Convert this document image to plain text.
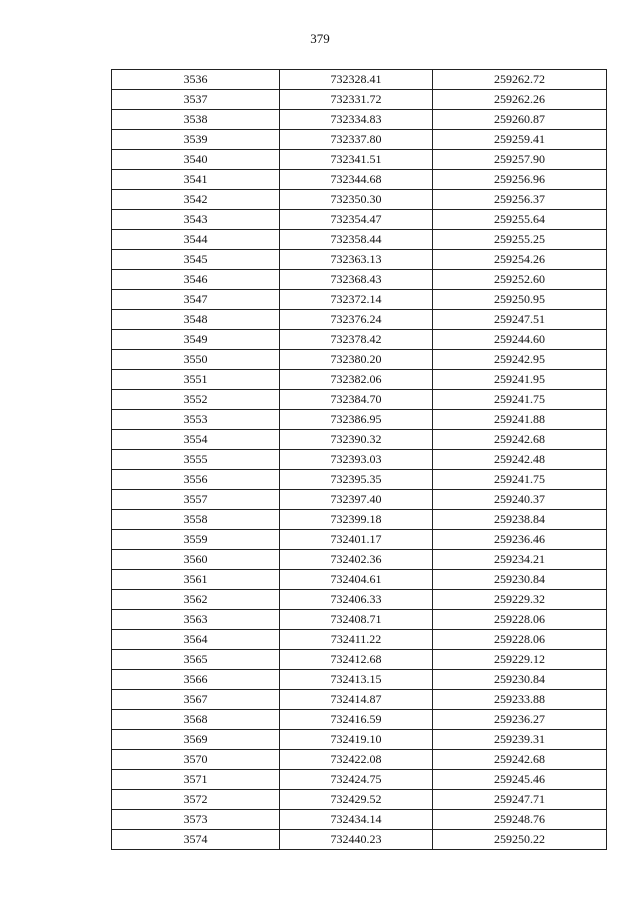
379
3536	732328.41	259262.72
3537	732331.72	259262.26
3538	732334.83	259260.87
3539	732337.80	259259.41
3540	732341.51	259257.90
3541	732344.68	259256.96
3542	732350.30	259256.37
3543	732354.47	259255.64
3544	732358.44	259255.25
3545	732363.13	259254.26
3546	732368.43	259252.60
3547	732372.14	259250.95
3548	732376.24	259247.51
3549	732378.42	259244.60
3550	732380.20	259242.95
3551	732382.06	259241.95
3552	732384.70	259241.75
3553	732386.95	259241.88
3554	732390.32	259242.68
3555	732393.03	259242.48
3556	732395.35	259241.75
3557	732397.40	259240.37
3558	732399.18	259238.84
3559	732401.17	259236.46
3560	732402.36	259234.21
3561	732404.61	259230.84
3562	732406.33	259229.32
3563	732408.71	259228.06
3564	732411.22	259228.06
3565	732412.68	259229.12
3566	732413.15	259230.84
3567	732414.87	259233.88
3568	732416.59	259236.27
3569	732419.10	259239.31
3570	732422.08	259242.68
3571	732424.75	259245.46
3572	732429.52	259247.71
3573	732434.14	259248.76
3574	732440.23	259250.22
